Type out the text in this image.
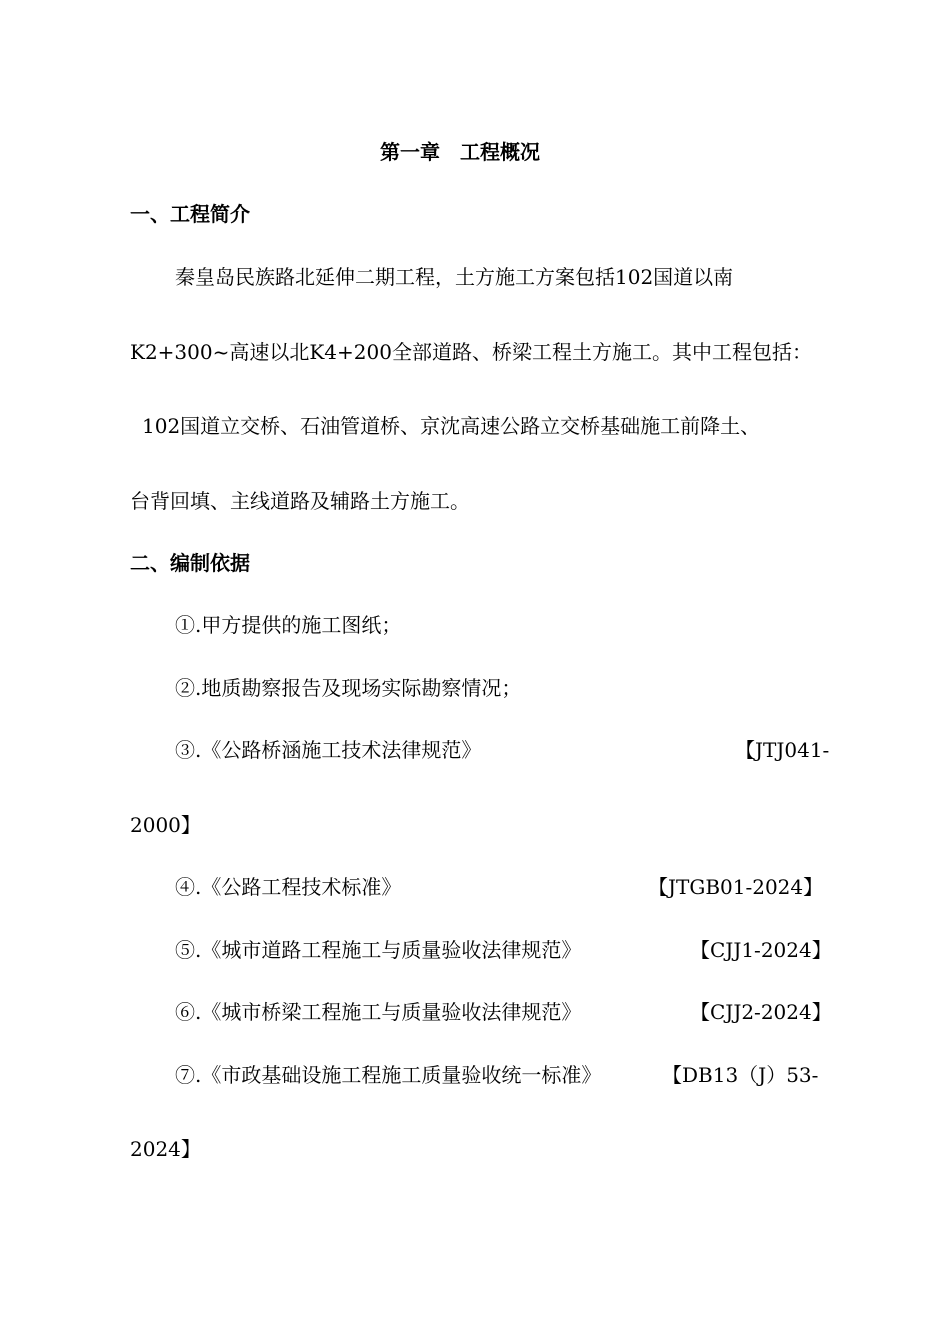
第一章　工程概况
一、工程简介
秦皇岛民族路北延伸二期工程，土方施工方案包括102国道以南
K2+300~高速以北K4+200全部道路、桥梁工程土方施工。其中工程包括：
102国道立交桥、石油管道桥、京沈高速公路立交桥基础施工前降土、
台背回填、主线道路及辅路土方施工。
二、编制依据
①.甲方提供的施工图纸；
②.地质勘察报告及现场实际勘察情况；
③.《公路桥涵施工技术法律规范》	【JTJ041-
2000】
④.《公路工程技术标准》	【JTGB01-2024】
⑤.《城市道路工程施工与质量验收法律规范》	【CJJ1-2024】
⑥.《城市桥梁工程施工与质量验收法律规范》	【CJJ2-2024】
⑦.《市政基础设施工程施工质量验收统一标准》	【DB13（J）53-
2024】
